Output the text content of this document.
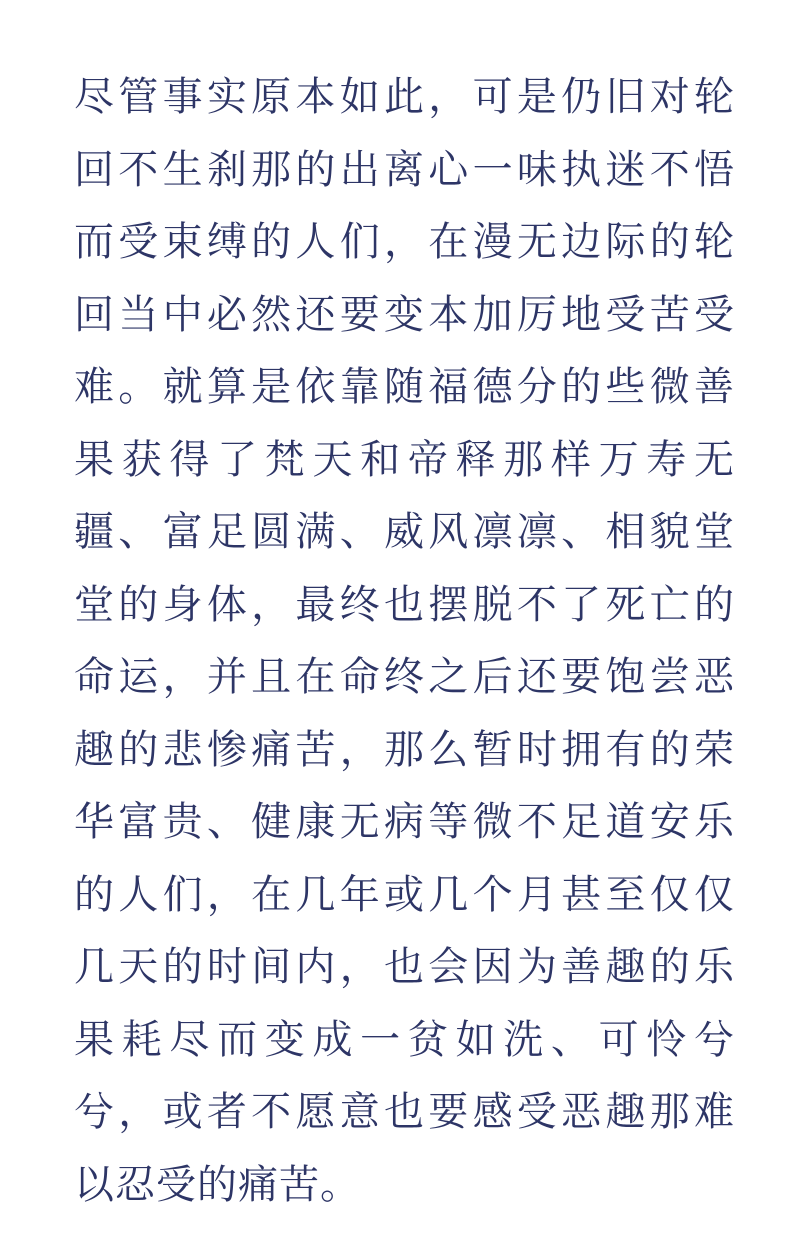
尽管事实原本如此，可是仍旧对轮
回不生刹那的出离心一味执迷不悟
而受束缚的人们，在漫无边际的轮
回当中必然还要变本加厉地受苦受
难。就算是依靠随福德分的些微善
果获得了梵天和帝释那样万寿无
疆、富足圆满、威风凛凛、相貌堂
堂的身体，最终也摆脱不了死亡的
命运，并且在命终之后还要饱尝恶
趣的悲惨痛苦，那么暂时拥有的荣
华富贵、健康无病等微不足道安乐
的人们，在几年或几个月甚至仅仅
几天的时间内，也会因为善趣的乐
果耗尽而变成一贫如洗、可怜兮
兮，或者不愿意也要感受恶趣那难
以忍受的痛苦。
